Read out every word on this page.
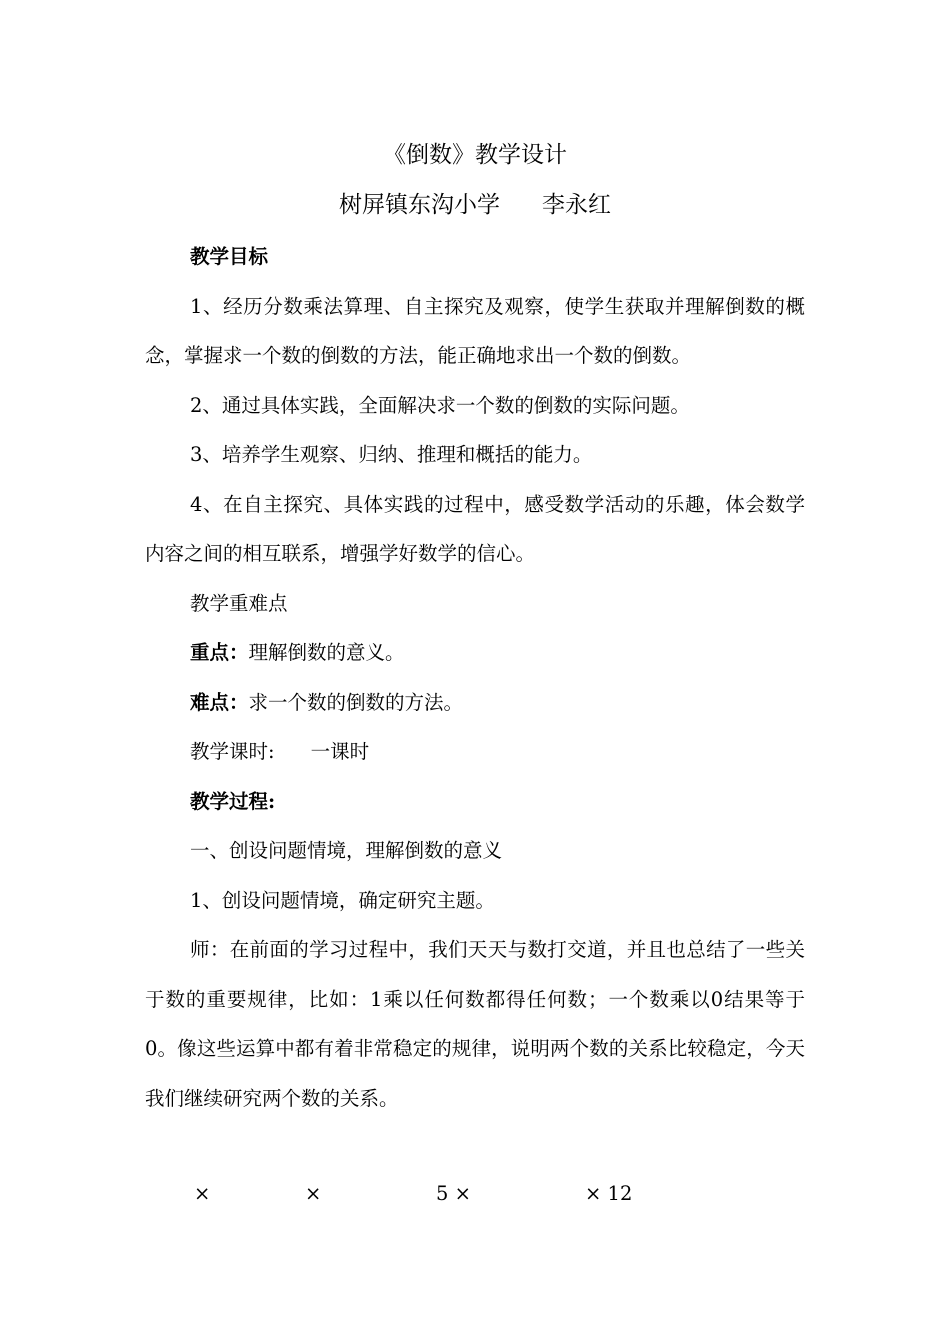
《倒数》教学设计
树屏镇东沟小学 李永红

教学目标

1、经历分数乘法算理、自主探究及观察，使学生获取并理解倒数的概念，掌握求一个数的倒数的方法，能正确地求出一个数的倒数。

2、通过具体实践，全面解决求一个数的倒数的实际问题。

3、培养学生观察、归纳、推理和概括的能力。

4、在自主探究、具体实践的过程中，感受数学活动的乐趣，体会数学内容之间的相互联系，增强学好数学的信心。

教学重难点

重点：理解倒数的意义。

难点：求一个数的倒数的方法。

教学课时: 一课时

教学过程:

一、创设问题情境，理解倒数的意义

1、创设问题情境，确定研究主题。

师：在前面的学习过程中，我们天天与数打交道，并且也总结了一些关于数的重要规律，比如：1乘以任何数都得任何数；一个数乘以0结果等于0。像这些运算中都有着非常稳定的规律，说明两个数的关系比较稳定，今天我们继续研究两个数的关系。

×	×	5 ×	× 12
